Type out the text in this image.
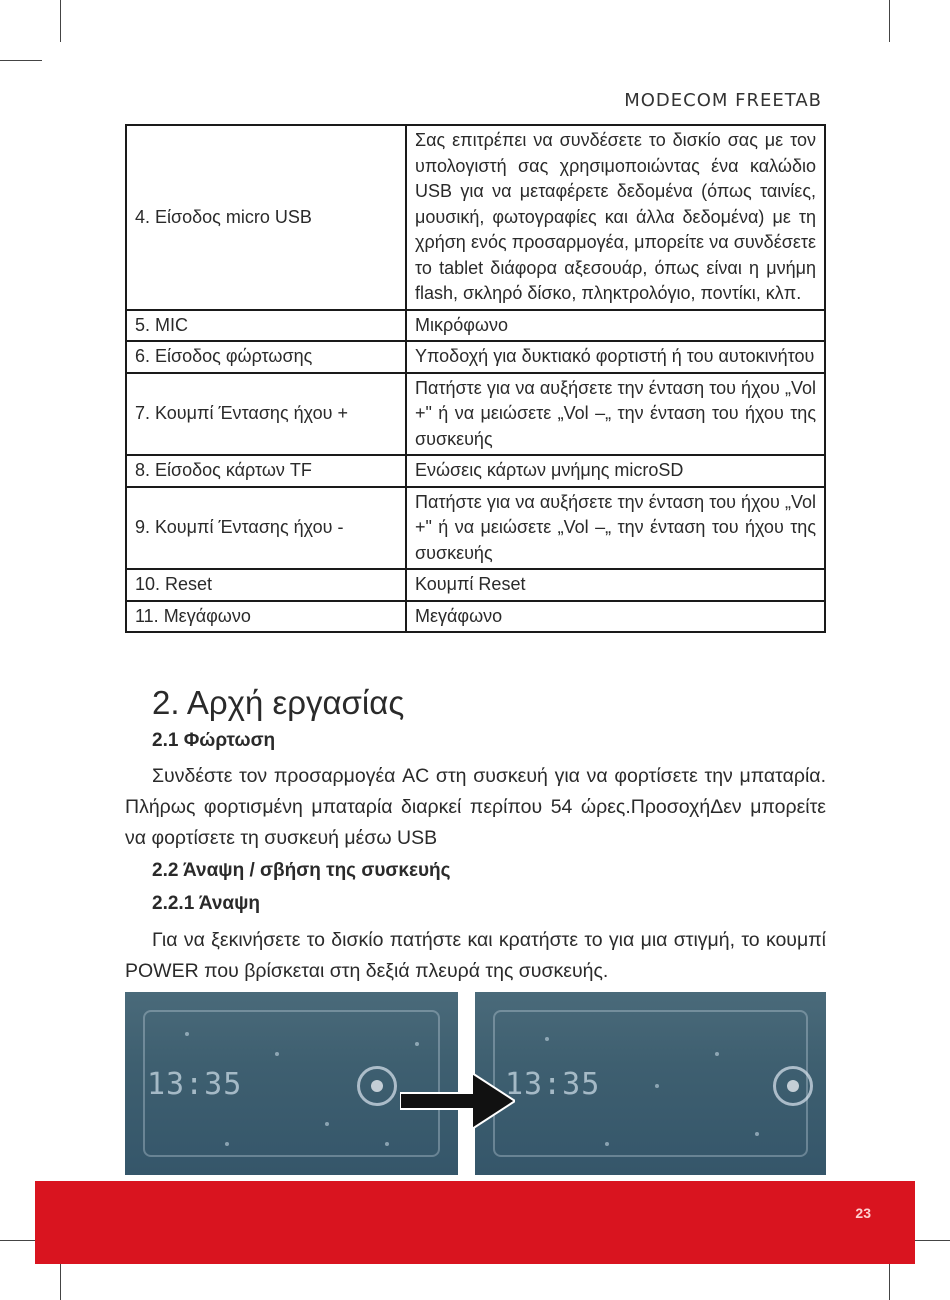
MODECOM FREETAB
4. Είσοδος micro USB	Σας επιτρέπει να συνδέσετε το δισκίο σας με τον υπολογιστή σας χρησιμοποιώντας ένα καλώδιο USB για να μεταφέρετε δεδομένα (όπως ταινίες, μουσική, φωτογραφίες και άλλα δεδομένα) με τη χρήση ενός προσαρμογέα, μπορείτε να συνδέσετε το tablet διάφορα αξεσουάρ, όπως είναι η μνήμη flash, σκληρό δίσκο, πληκτρολόγιο, ποντίκι, κλπ.
5. MIC	Μικρόφωνο
6. Είσοδος φώρτωσης	Υποδοχή για δυκτιακό φορτιστή ή του αυτοκινήτου
7. Κουμπί Έντασης ήχου +	Πατήστε για να αυξήσετε την ένταση του ήχου „Vol +" ή να μειώσετε „Vol –„ την ένταση του ήχου της συσκευής
8. Είσοδος κάρτων TF	Ενώσεις κάρτων μνήμης microSD
9. Κουμπί Έντασης ήχου -	Πατήστε για να αυξήσετε την ένταση του ήχου „Vol +" ή να μειώσετε „Vol –„ την ένταση του ήχου της συσκευής
10. Reset	Κουμπί Reset
11. Μεγάφωνο	Μεγάφωνο
2. Αρχή εργασίας
2.1 Φώρτωση
Συνδέστε τον προσαρμογέα AC στη συσκευή για να φορτίσετε την μπαταρία. Πλήρως φορτισμένη μπαταρία διαρκεί περίπου 54 ώρες.ΠροσοχήΔεν μπορείτε να φορτίσετε τη συσκευή μέσω USB
2.2 Άναψη / σβήση της συσκευής
2.2.1 Άναψη
Για να ξεκινήσετε το δισκίο πατήστε και κρατήστε το για μια στιγμή, το κουμπί POWER που βρίσκεται στη δεξιά πλευρά της συσκευής.
13:35	13:35
23
